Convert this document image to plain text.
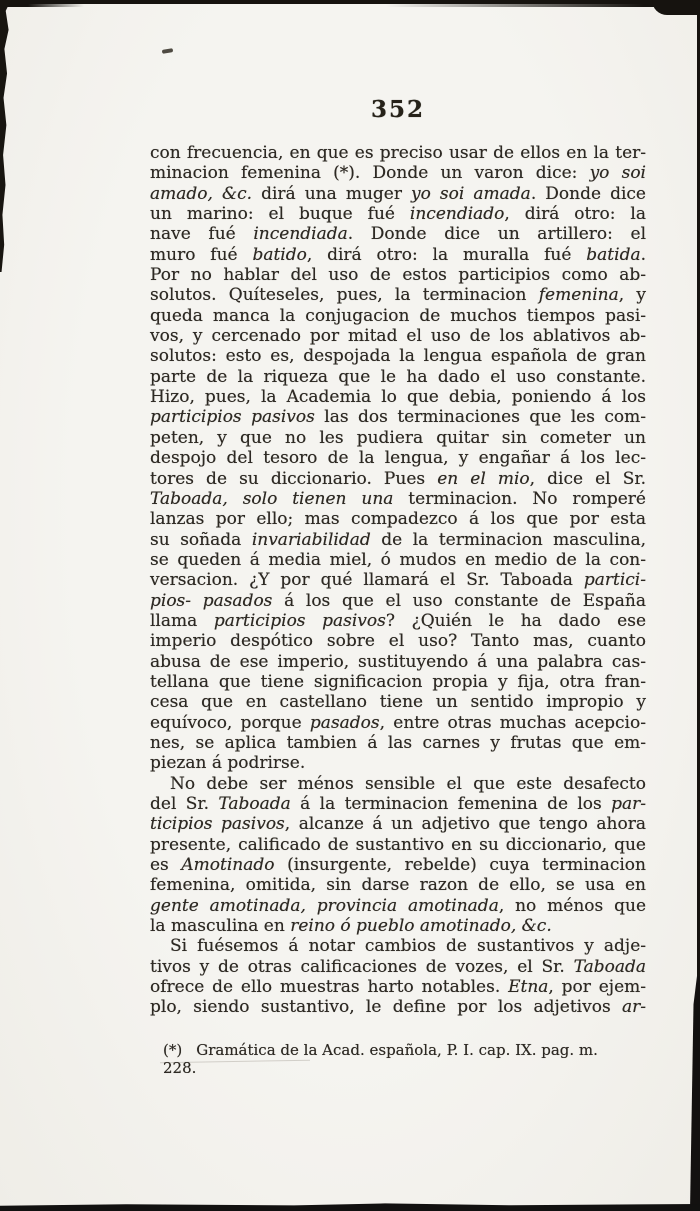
352
con frecuencia, en que es preciso usar de ellos en la ter-
minacion femenina (*). Donde un varon dice: yo soi
amado, &c. dirá una muger yo soi amada. Donde dice
un marino: el buque fué incendiado, dirá otro: la
nave fué incendiada. Donde dice un artillero: el
muro fué batido, dirá otro: la muralla fué batida.
Por no hablar del uso de estos participios como ab-
solutos. Quíteseles, pues, la terminacion femenina, y
queda manca la conjugacion de muchos tiempos pasi-
vos, y cercenado por mitad el uso de los ablativos ab-
solutos: esto es, despojada la lengua española de gran
parte de la riqueza que le ha dado el uso constante.
Hizo, pues, la Academia lo que debia, poniendo á los
participios pasivos las dos terminaciones que les com-
peten, y que no les pudiera quitar sin cometer un
despojo del tesoro de la lengua, y engañar á los lec-
tores de su diccionario. Pues en el mio, dice el Sr.
Taboada, solo tienen una terminacion. No romperé
lanzas por ello; mas compadezco á los que por esta
su soñada invariabilidad de la terminacion masculina,
se queden á media miel, ó mudos en medio de la con-
versacion. ¿Y por qué llamará el Sr. Taboada partici-
pios- pasados á los que el uso constante de España
llama participios pasivos? ¿Quién le ha dado ese
imperio despótico sobre el uso? Tanto mas, cuanto
abusa de ese imperio, sustituyendo á una palabra cas-
tellana que tiene significacion propia y fija, otra fran-
cesa que en castellano tiene un sentido impropio y
equívoco, porque pasados, entre otras muchas acepcio-
nes, se aplica tambien á las carnes y frutas que em-
piezan á podrirse.
No debe ser ménos sensible el que este desafecto
del Sr. Taboada á la terminacion femenina de los par-
ticipios pasivos, alcanze á un adjetivo que tengo ahora
presente, calificado de sustantivo en su diccionario, que
es Amotinado (insurgente, rebelde) cuya terminacion
femenina, omitida, sin darse razon de ello, se usa en
gente amotinada, provincia amotinada, no ménos que
la masculina en reino ó pueblo amotinado, &c.
Si fuésemos á notar cambios de sustantivos y adje-
tivos y de otras calificaciones de vozes, el Sr. Taboada
ofrece de ello muestras harto notables. Etna, por ejem-
plo, siendo sustantivo, le define por los adjetivos ar-
(*) Gramática de la Acad. española, P. I. cap. IX. pag. m. 228.
